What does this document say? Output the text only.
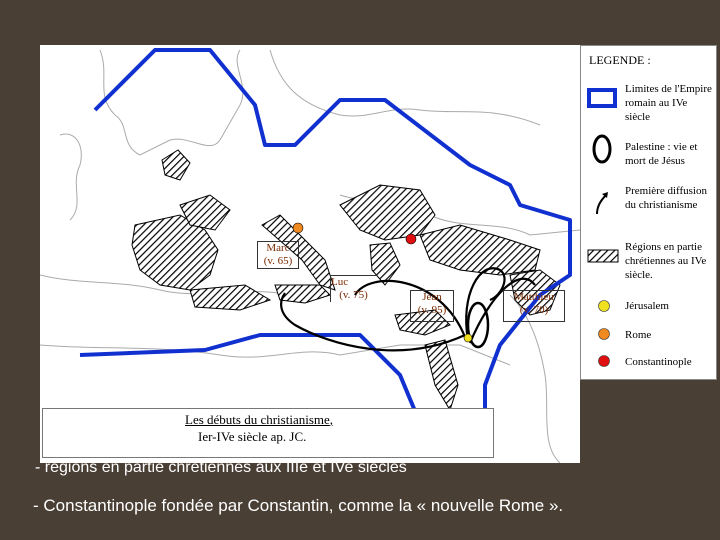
Marc
(v. 65)
Luc
(v. 75)	Jean
(v. 95)
Matthieu
(v. 70)
LEGENDE :
Limites de l'Empire romain au IVe siècle
Palestine : vie et mort de Jésus
Première diffusion du christianisme
Régions en partie chrétiennes au IVe siècle.
Jérusalem
Rome
Constantinople
Les débuts du christianisme,
Ier-IVe siècle ap. JC.
- régions en partie chrétiennes aux IIIe et IVe siècles
- Constantinople fondée par Constantin, comme la « nouvelle Rome ».
